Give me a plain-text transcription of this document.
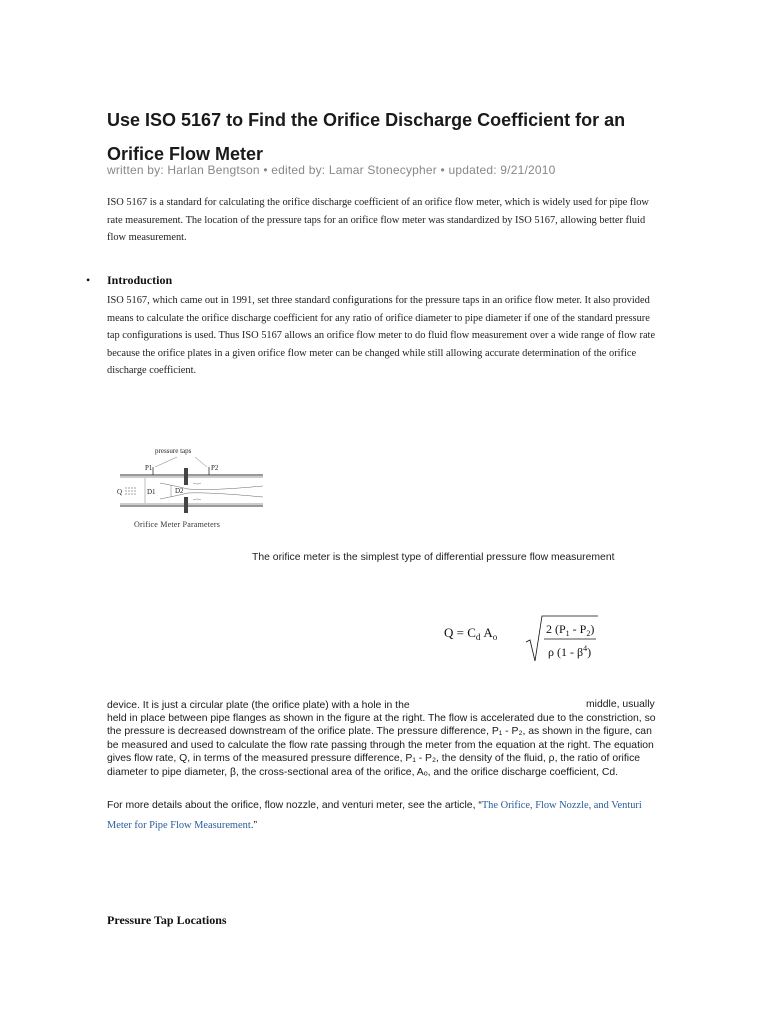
Use ISO 5167 to Find the Orifice Discharge Coefficient for an Orifice Flow Meter
written by: Harlan Bengtson • edited by: Lamar Stonecypher • updated: 9/21/2010

ISO 5167 is a standard for calculating the orifice discharge coefficient of an orifice flow meter, which is widely used for pipe flow rate measurement. The location of the pressure taps for an orifice flow meter was standardized by ISO 5167, allowing better fluid flow measurement.

• Introduction

ISO 5167, which came out in 1991, set three standard configurations for the pressure taps in an orifice flow meter. It also provided means to calculate the orifice discharge coefficient for any ratio of orifice diameter to pipe diameter if one of the standard pressure tap configurations is used. Thus ISO 5167 allows an orifice flow meter to do fluid flow measurement over a wide range of flow rate because the orifice plates in a given orifice flow meter can be changed while still allowing accurate determination of the orifice discharge coefficient.

pressure taps
P1	P2
Q	D1	D2
Orifice Meter Parameters
The orifice meter is the simplest type of differential pressure flow measurement
$Q = C_d$ $A_o$
2 $(P_1 - P_2)$
ρ $(1 - \beta^4)$
device. It is just a circular plate (the orifice plate) with a hole in the	middle, usually

held in place between pipe flanges as shown in the figure at the right. The flow is accelerated due to the constriction, so the pressure is decreased downstream of the orifice plate. The pressure difference, P₁ - P₂, as shown in the figure, can be measured and used to calculate the flow rate passing through the meter from the equation at the right. The equation gives flow rate, Q, in terms of the measured pressure difference, P₁ - P₂, the density of the fluid, ρ, the ratio of orifice diameter to pipe diameter, β, the cross-sectional area of the orifice, Aₒ, and the orifice discharge coefficient, Cd.

For more details about the orifice, flow nozzle, and venturi meter, see the article, “The Orifice, Flow Nozzle, and Venturi Meter for Pipe Flow Measurement.”

Pressure Tap Locations
